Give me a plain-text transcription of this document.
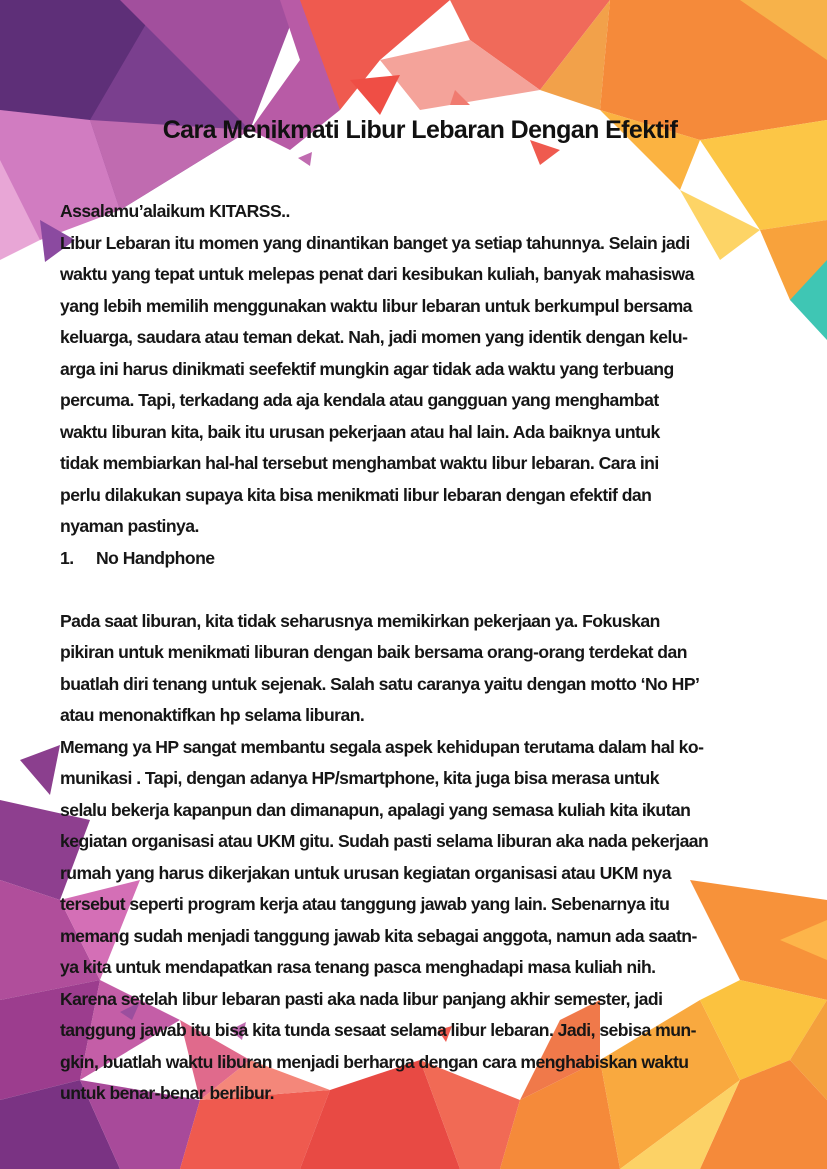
Cara Menikmati Libur Lebaran Dengan Efektif
Assalamu’alaikum KITARSS..

Libur Lebaran itu momen yang dinantikan banget ya setiap tahunnya. Selain jadi
waktu yang tepat untuk melepas penat dari kesibukan kuliah, banyak mahasiswa
yang lebih memilih menggunakan waktu libur lebaran untuk berkumpul bersama
keluarga, saudara atau teman dekat. Nah, jadi momen yang identik dengan kelu-
arga ini harus dinikmati seefektif mungkin agar tidak ada waktu yang terbuang
percuma. Tapi, terkadang ada aja kendala atau gangguan yang menghambat
waktu liburan kita, baik itu urusan pekerjaan atau hal lain. Ada baiknya untuk
tidak membiarkan hal-hal tersebut menghambat waktu libur lebaran. Cara ini
perlu dilakukan supaya kita bisa menikmati libur lebaran dengan efektif dan
nyaman pastinya.

1. No Handphone

Pada saat liburan, kita tidak seharusnya memikirkan pekerjaan ya. Fokuskan
pikiran untuk menikmati liburan dengan baik bersama orang-orang terdekat dan
buatlah diri tenang untuk sejenak. Salah satu caranya yaitu dengan motto ‘No HP’
atau menonaktifkan hp selama liburan.

Memang ya HP sangat membantu segala aspek kehidupan terutama dalam hal ko-
munikasi . Tapi, dengan adanya HP/smartphone, kita juga bisa merasa untuk
selalu bekerja kapanpun dan dimanapun, apalagi yang semasa kuliah kita ikutan
kegiatan organisasi atau UKM gitu. Sudah pasti selama liburan aka nada pekerjaan
rumah yang harus dikerjakan untuk urusan kegiatan organisasi atau UKM nya
tersebut seperti program kerja atau tanggung jawab yang lain. Sebenarnya itu
memang sudah menjadi tanggung jawab kita sebagai anggota, namun ada saatn-
ya kita untuk mendapatkan rasa tenang pasca menghadapi masa kuliah nih.
Karena setelah libur lebaran pasti aka nada libur panjang akhir semester, jadi
tanggung jawab itu bisa kita tunda sesaat selama libur lebaran. Jadi, sebisa mun-
gkin, buatlah waktu liburan menjadi berharga dengan cara menghabiskan waktu
untuk benar-benar berlibur.
